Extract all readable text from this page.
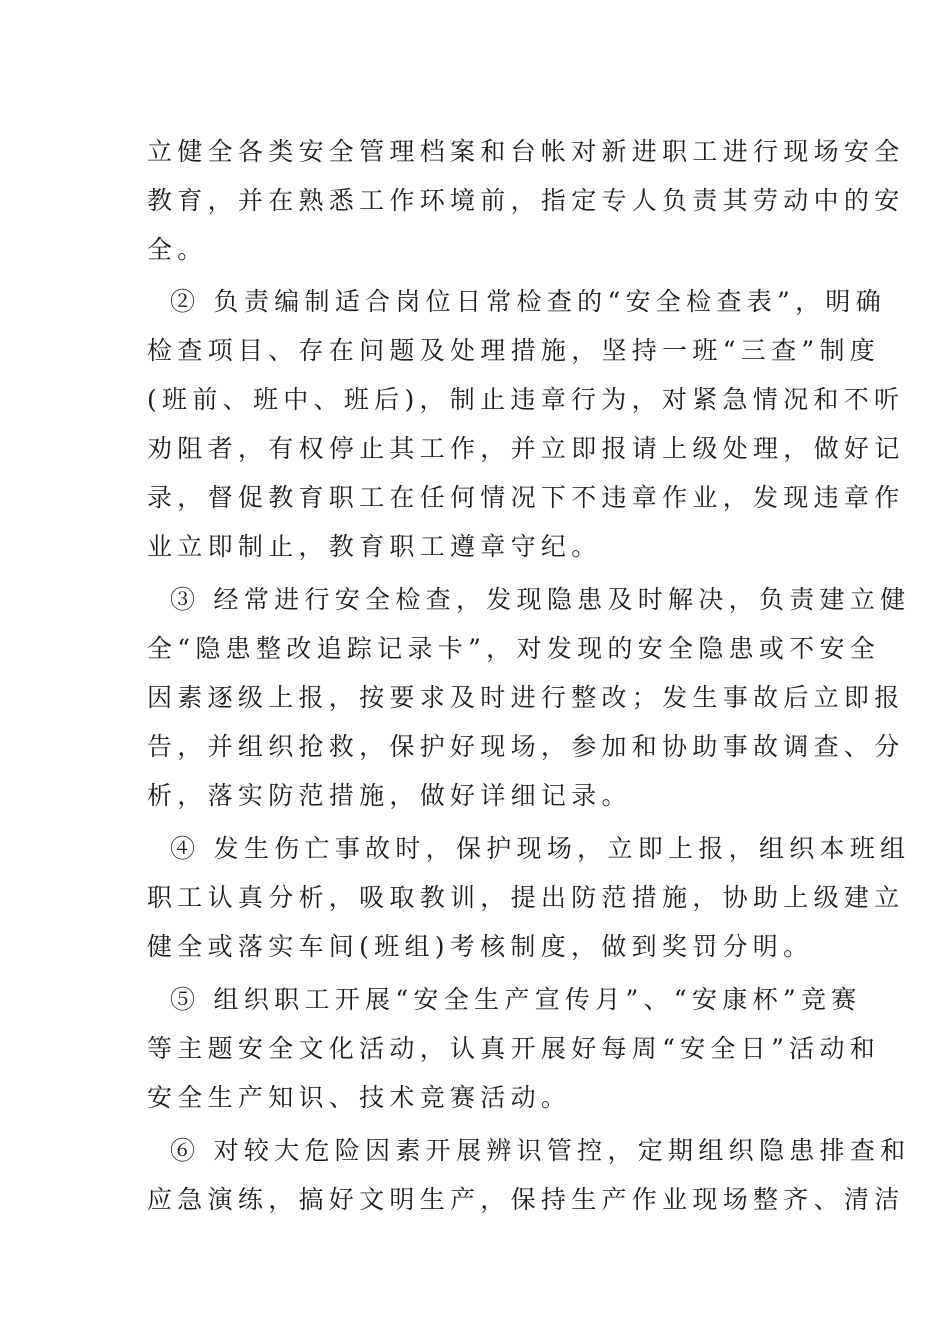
立健全各类安全管理档案和台帐对新进职工进行现场安全
教育，并在熟悉工作环境前，指定专人负责其劳动中的安
全。
② 负责编制适合岗位日常检查的“安全检查表”，明确
检查项目、存在问题及处理措施，坚持一班“三查”制度
(班前、班中、班后)，制止违章行为，对紧急情况和不听
劝阻者，有权停止其工作，并立即报请上级处理，做好记
录，督促教育职工在任何情况下不违章作业，发现违章作
业立即制止，教育职工遵章守纪。
③ 经常进行安全检查，发现隐患及时解决，负责建立健
全“隐患整改追踪记录卡”，对发现的安全隐患或不安全
因素逐级上报，按要求及时进行整改；发生事故后立即报
告，并组织抢救，保护好现场，参加和协助事故调查、分
析，落实防范措施，做好详细记录。
④ 发生伤亡事故时，保护现场，立即上报，组织本班组
职工认真分析，吸取教训，提出防范措施，协助上级建立
健全或落实车间(班组)考核制度，做到奖罚分明。
⑤ 组织职工开展“安全生产宣传月”、“安康杯”竞赛
等主题安全文化活动，认真开展好每周“安全日”活动和
安全生产知识、技术竞赛活动。
⑥ 对较大危险因素开展辨识管控，定期组织隐患排查和
应急演练，搞好文明生产，保持生产作业现场整齐、清洁
